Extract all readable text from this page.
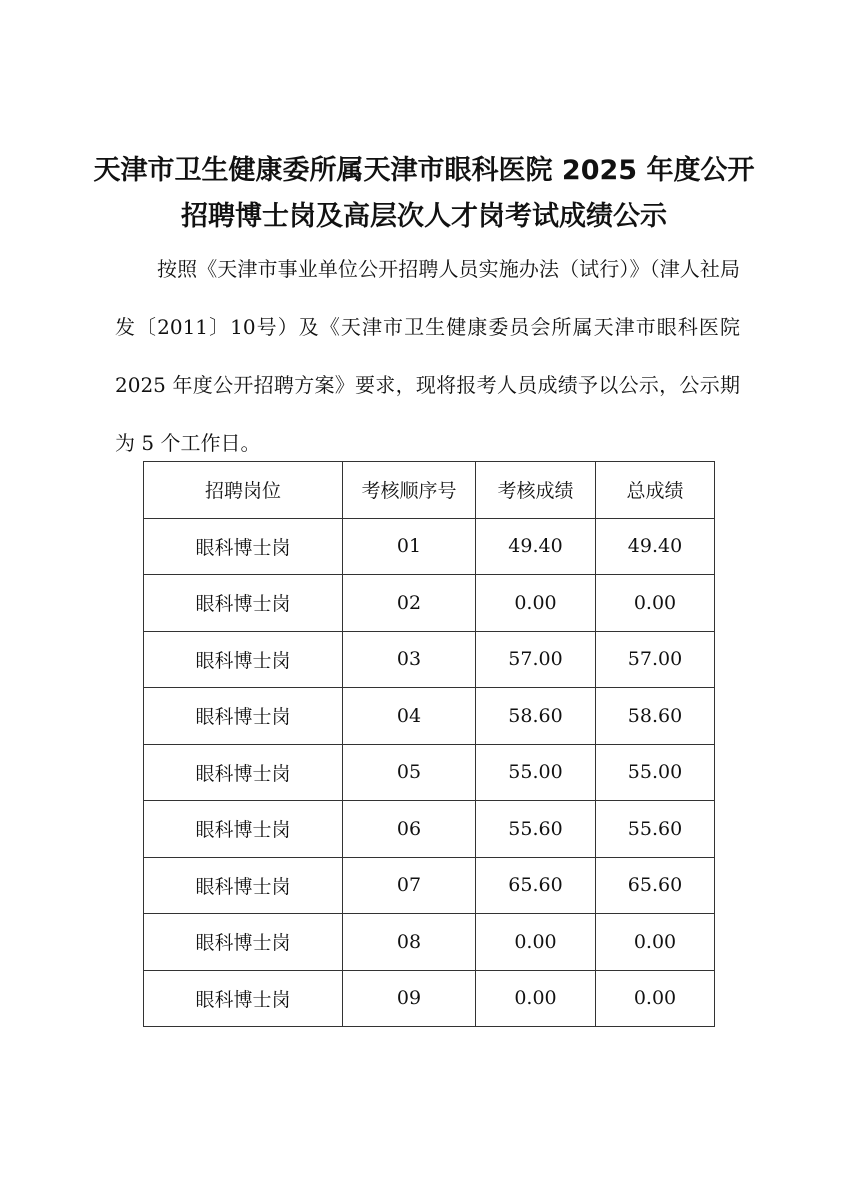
天津市卫生健康委所属天津市眼科医院 2025 年度公开
招聘博士岗及高层次人才岗考试成绩公示

按照《天津市事业单位公开招聘人员实施办法（试行）》（津人社局发〔2011〕10号）及《天津市卫生健康委员会所属天津市眼科医院2025 年度公开招聘方案》要求，现将报考人员成绩予以公示，公示期为 5 个工作日。

招聘岗位	考核顺序号	考核成绩	总成绩
眼科博士岗	01	49.40	49.40
眼科博士岗	02	0.00	0.00
眼科博士岗	03	57.00	57.00
眼科博士岗	04	58.60	58.60
眼科博士岗	05	55.00	55.00
眼科博士岗	06	55.60	55.60
眼科博士岗	07	65.60	65.60
眼科博士岗	08	0.00	0.00
眼科博士岗	09	0.00	0.00
